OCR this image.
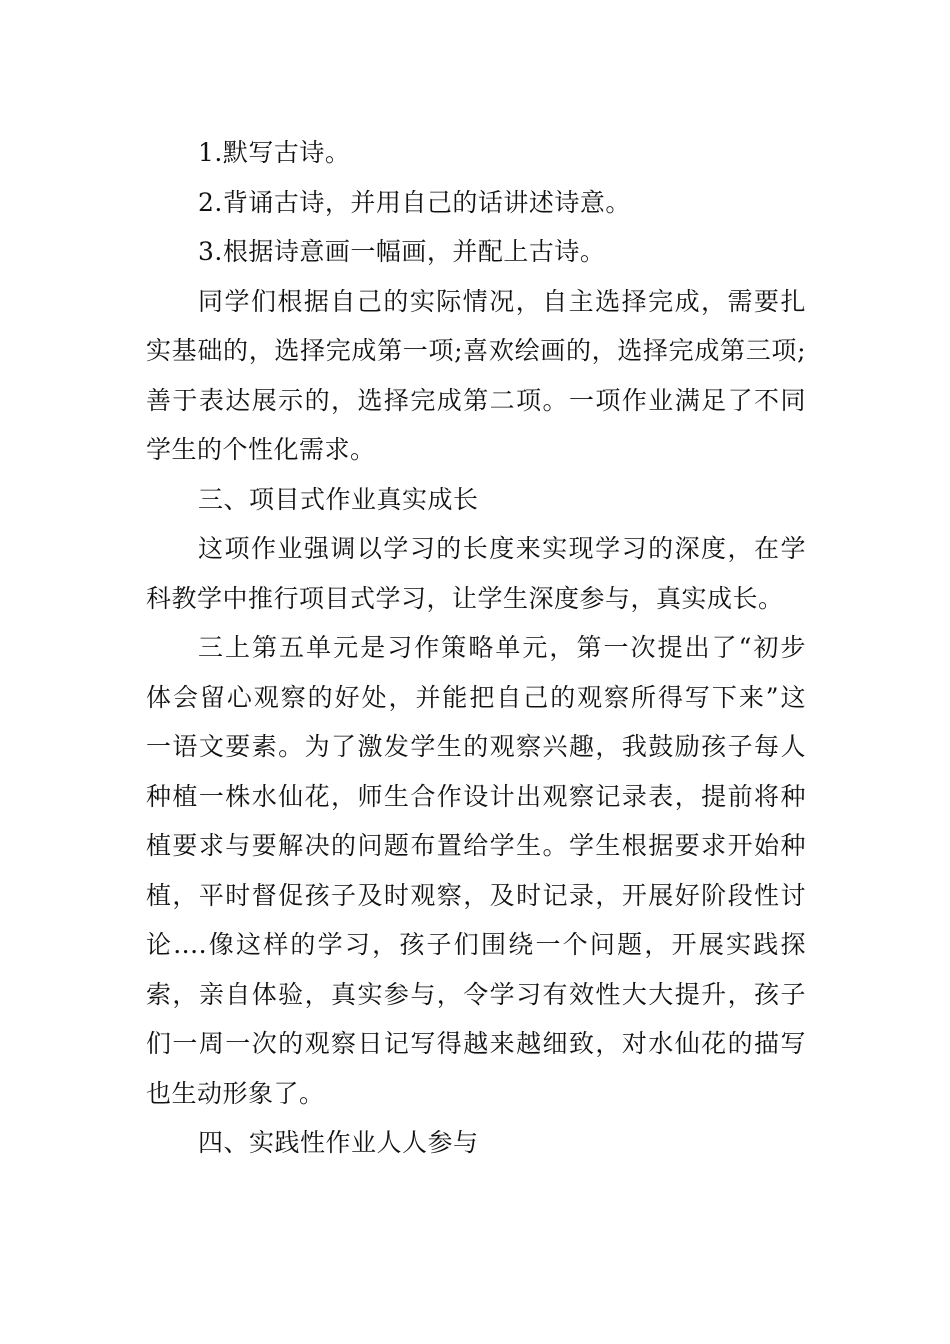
1.默写古诗。
2.背诵古诗，并用自己的话讲述诗意。
3.根据诗意画一幅画，并配上古诗。
同学们根据自己的实际情况，自主选择完成，需要扎
实基础的，选择完成第一项;喜欢绘画的，选择完成第三项;
善于表达展示的，选择完成第二项。一项作业满足了不同
学生的个性化需求。
三、项目式作业真实成长
这项作业强调以学习的长度来实现学习的深度，在学
科教学中推行项目式学习，让学生深度参与，真实成长。
三上第五单元是习作策略单元，第一次提出了“初步
体会留心观察的好处，并能把自己的观察所得写下来”这
一语文要素。为了激发学生的观察兴趣，我鼓励孩子每人
种植一株水仙花，师生合作设计出观察记录表，提前将种
植要求与要解决的问题布置给学生。学生根据要求开始种
植，平时督促孩子及时观察，及时记录，开展好阶段性讨
论....像这样的学习，孩子们围绕一个问题，开展实践探
索，亲自体验，真实参与，令学习有效性大大提升，孩子
们一周一次的观察日记写得越来越细致，对水仙花的描写
也生动形象了。
四、实践性作业人人参与
